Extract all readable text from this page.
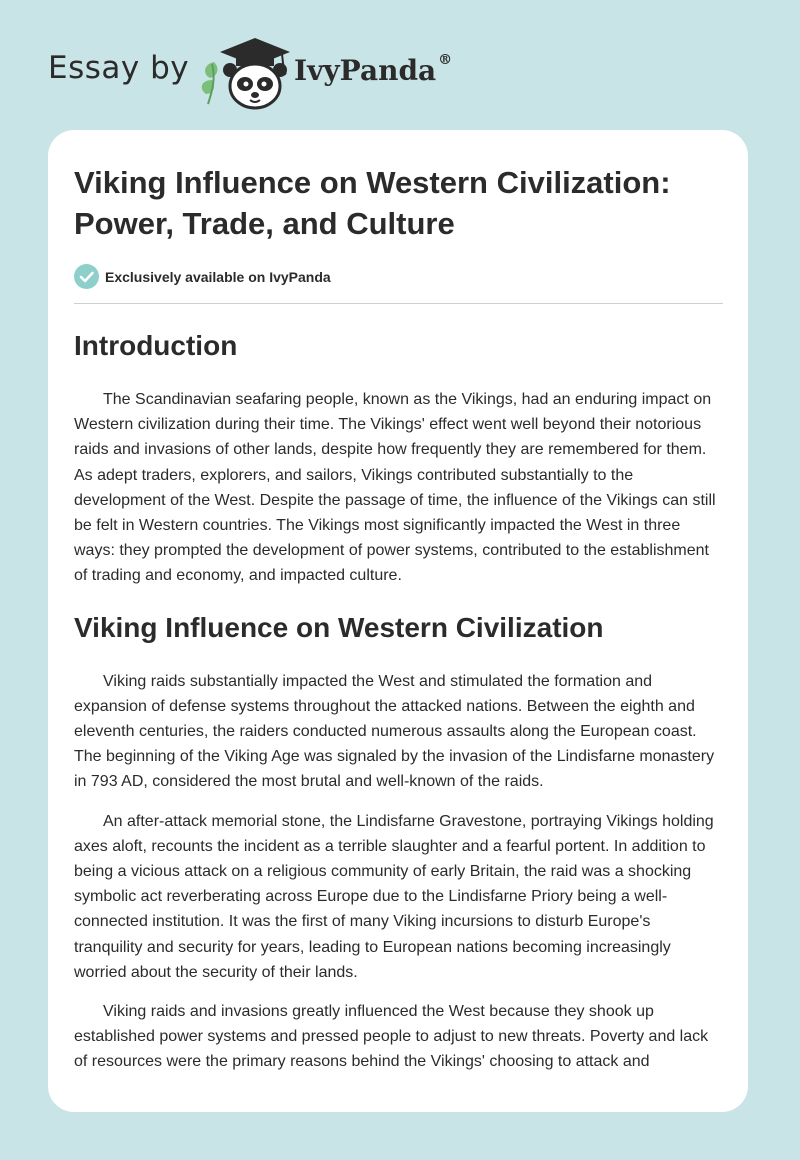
Essay by	IvyPanda ®
Viking Influence on Western Civilization: Power, Trade, and Culture
Exclusively available on IvyPanda
Introduction

The Scandinavian seafaring people, known as the Vikings, had an enduring impact on Western civilization during their time. The Vikings' effect went well beyond their notorious raids and invasions of other lands, despite how frequently they are remembered for them. As adept traders, explorers, and sailors, Vikings contributed substantially to the development of the West. Despite the passage of time, the influence of the Vikings can still be felt in Western countries. The Vikings most significantly impacted the West in three ways: they prompted the development of power systems, contributed to the establishment of trading and economy, and impacted culture.

Viking Influence on Western Civilization

Viking raids substantially impacted the West and stimulated the formation and expansion of defense systems throughout the attacked nations. Between the eighth and eleventh centuries, the raiders conducted numerous assaults along the European coast. The beginning of the Viking Age was signaled by the invasion of the Lindisfarne monastery in 793 AD, considered the most brutal and well-known of the raids.

An after-attack memorial stone, the Lindisfarne Gravestone, portraying Vikings holding axes aloft, recounts the incident as a terrible slaughter and a fearful portent. In addition to being a vicious attack on a religious community of early Britain, the raid was a shocking symbolic act reverberating across Europe due to the Lindisfarne Priory being a well-connected institution. It was the first of many Viking incursions to disturb Europe's tranquility and security for years, leading to European nations becoming increasingly worried about the security of their lands.

Viking raids and invasions greatly influenced the West because they shook up established power systems and pressed people to adjust to new threats. Poverty and lack of resources were the primary reasons behind the Vikings' choosing to attack and
